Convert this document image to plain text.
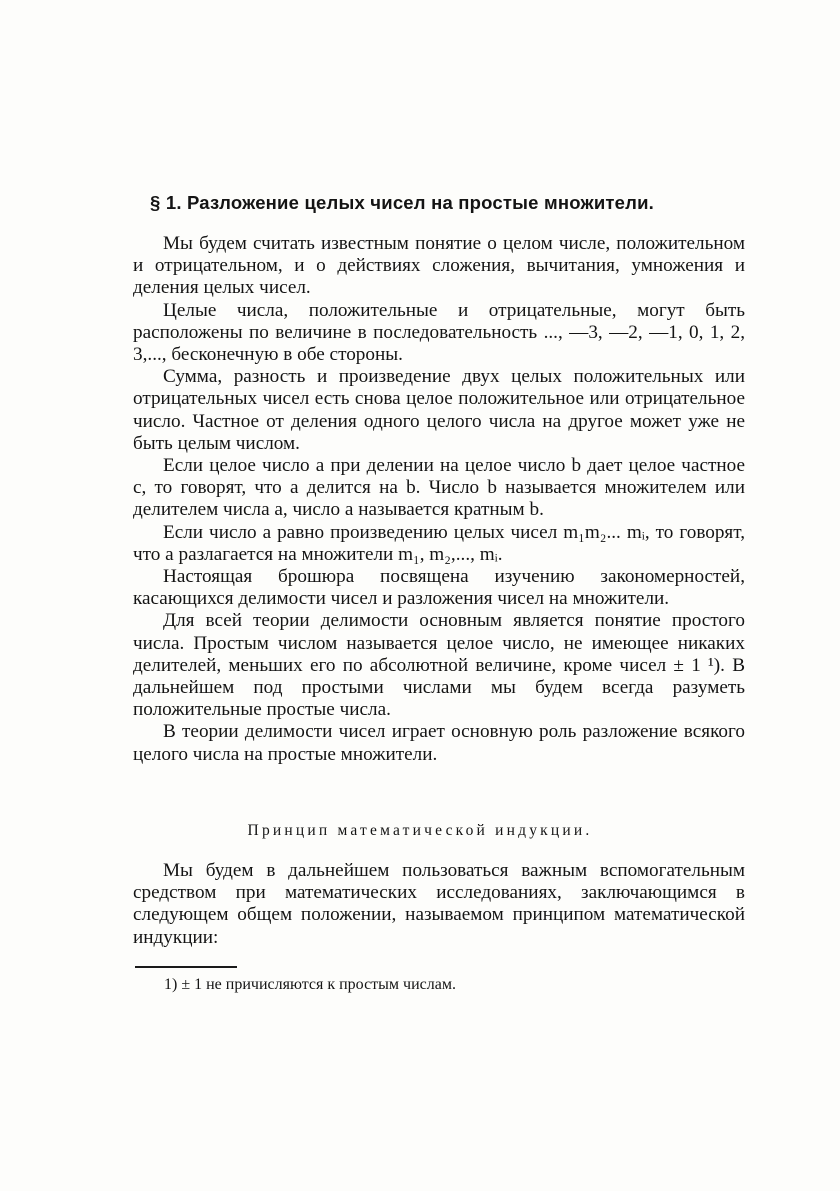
§ 1. Разложение целых чисел на простые множители.

Мы будем считать известным понятие о целом числе, положительном и отрицательном, и о действиях сложения, вычитания, умножения и деления целых чисел.

Целые числа, положительные и отрицательные, могут быть расположены по величине в последовательность ..., —3, —2, —1, 0, 1, 2, 3,..., бесконечную в обе стороны.

Сумма, разность и произведение двух целых положительных или отрицательных чисел есть снова целое положительное или отрицательное число. Частное от деления одного целого числа на другое может уже не быть целым числом.

Если целое число a при делении на целое число b дает целое частное c, то говорят, что a делится на b. Число b называется множителем или делителем числа a, число a называется кратным b.

Если число a равно произведению целых чисел m₁m₂... mᵢ, то говорят, что a разлагается на множители m₁, m₂,..., mᵢ.

Настоящая брошюра посвящена изучению закономерностей, касающихся делимости чисел и разложения чисел на множители.

Для всей теории делимости основным является понятие простого числа. Простым числом называется целое число, не имеющее никаких делителей, меньших его по абсолютной величине, кроме чисел ± 1 ¹). В дальнейшем под простыми числами мы будем всегда разуметь положительные простые числа.

В теории делимости чисел играет основную роль разложение всякого целого числа на простые множители.

Принцип математической индукции.

Мы будем в дальнейшем пользоваться важным вспомогательным средством при математических исследованиях, заключающимся в следующем общем положении, называемом принципом математической индукции:

1) ± 1 не причисляются к простым числам.
